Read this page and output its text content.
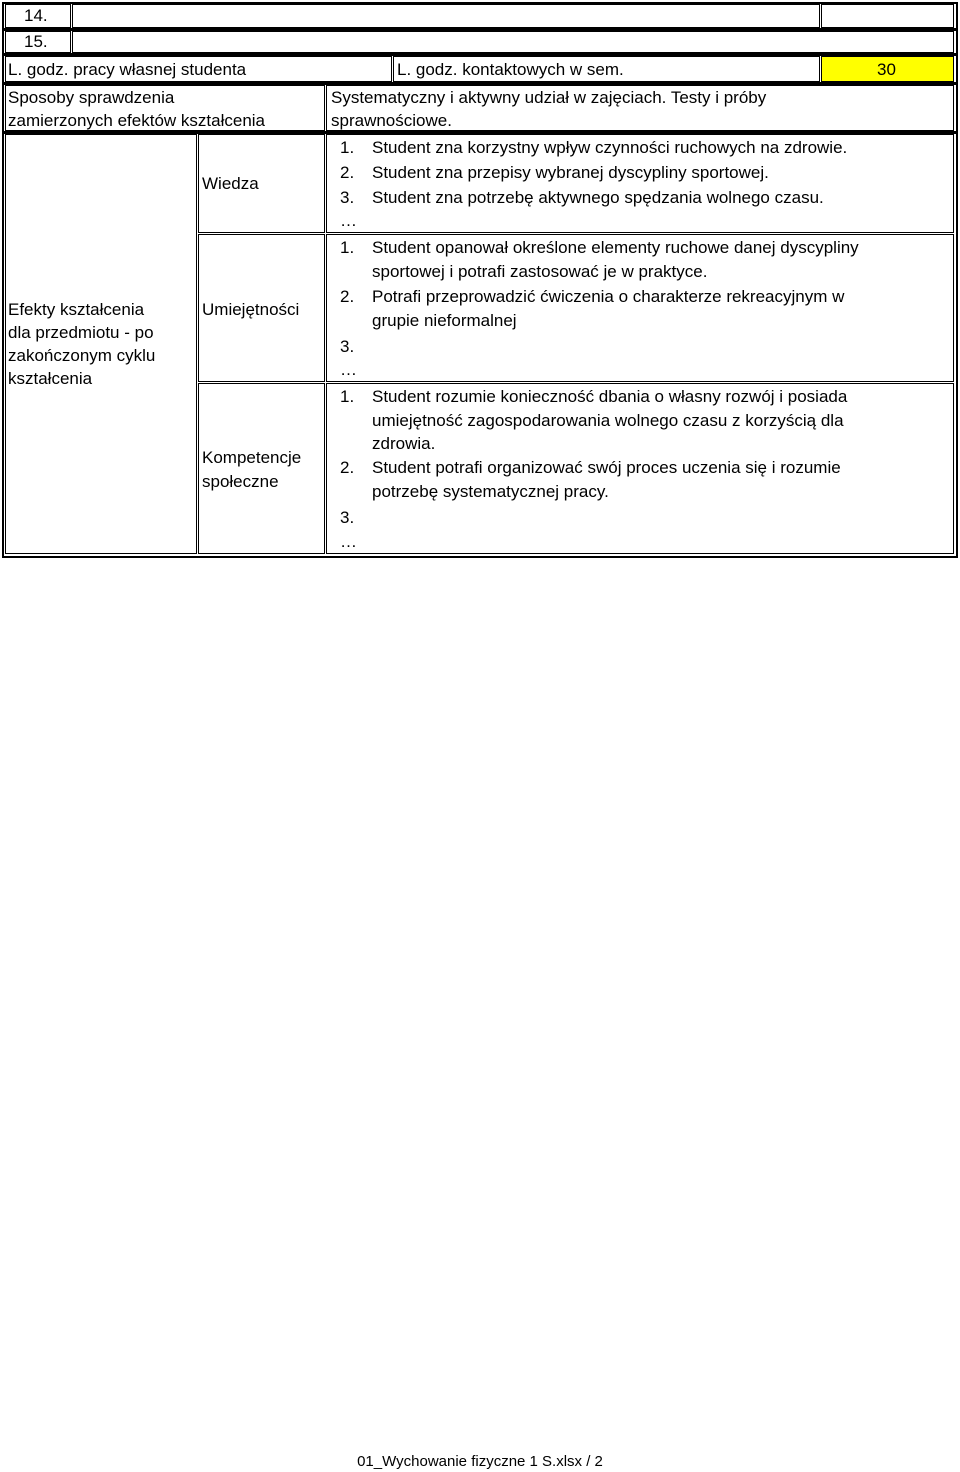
14.
15.
L. godz. pracy własnej studenta	L. godz. kontaktowych w sem.	30
Sposoby sprawdzenia
zamierzonych efektów kształcenia
Systematyczny i aktywny udział w zajęciach. Testy i próby
sprawnościowe.
Efekty kształcenia
dla przedmiotu - po
zakończonym cyklu
kształcenia
Wiedza
1. Student zna korzystny wpływ czynności ruchowych na zdrowie.
2. Student zna przepisy wybranej dyscypliny sportowej.
3. Student zna potrzebę aktywnego spędzania wolnego czasu.
…
Umiejętności
1. Student opanował określone elementy ruchowe danej dyscypliny
sportowej i potrafi zastosować je w praktyce.
2. Potrafi przeprowadzić ćwiczenia o charakterze rekreacyjnym w
grupie nieformalnej
3.
…
Kompetencje
społeczne
1. Student rozumie konieczność dbania o własny rozwój i posiada
umiejętność zagospodarowania wolnego czasu z korzyścią dla
zdrowia.
2. Student potrafi organizować swój proces uczenia się i rozumie
potrzebę systematycznej pracy.
3.
…
01_Wychowanie fizyczne 1 S.xlsx / 2
